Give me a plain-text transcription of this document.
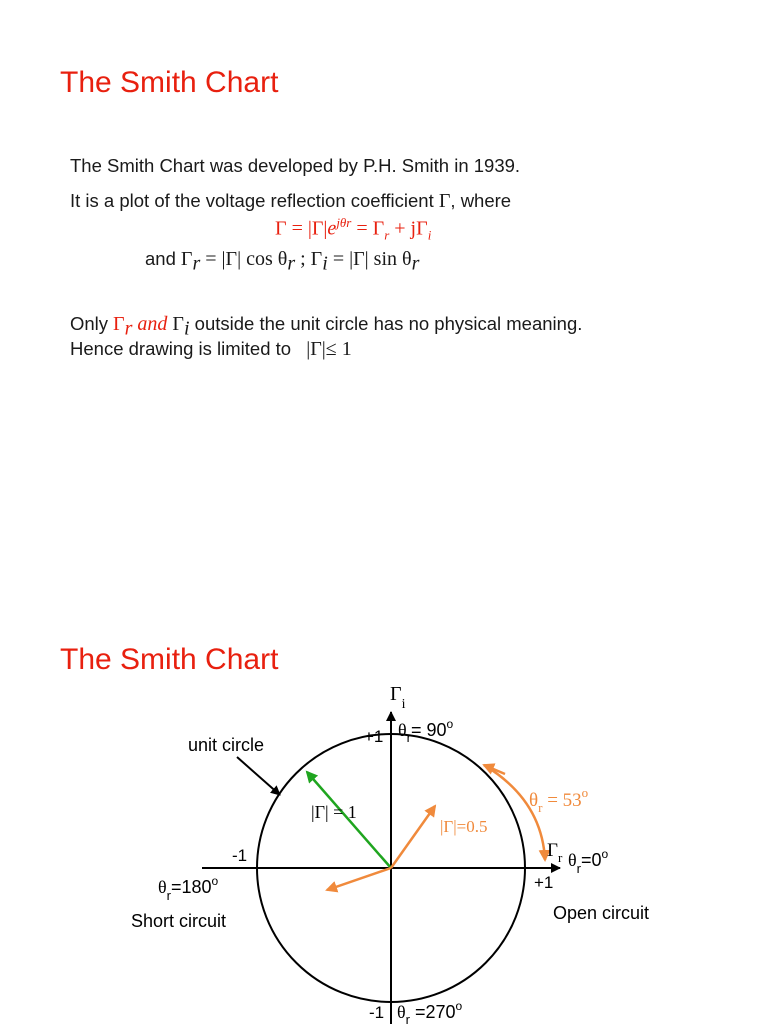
The Smith Chart
The Smith Chart was developed by P.H. Smith in 1939.
It is a plot of the voltage reflection coefficient Γ, where
$\Gamma = |\Gamma|e^{j\theta r} = \Gamma_r + j\Gamma_i$
and $\Gamma_r = |\Gamma|$ $\cos \theta_r$ ; $\Gamma_i = |\Gamma|$ $\sin \theta_r$
Only $\Gamma_r$ and $\Gamma_i$ outside the unit circle has no physical meaning.
Hence drawing is limited to |Γ|≤ 1
The Smith Chart
$\Gamma_i$
+1 $\theta_r= 90^o$
unit circle
|Γ| = 1
|Γ|=0.5
$\theta_r = 53^o$
$\Gamma_r$
-1
+1
$\theta_r=0^o$
$\theta_r=180^o$
Short circuit	Open circuit
-1 $\theta_r =270^o$
